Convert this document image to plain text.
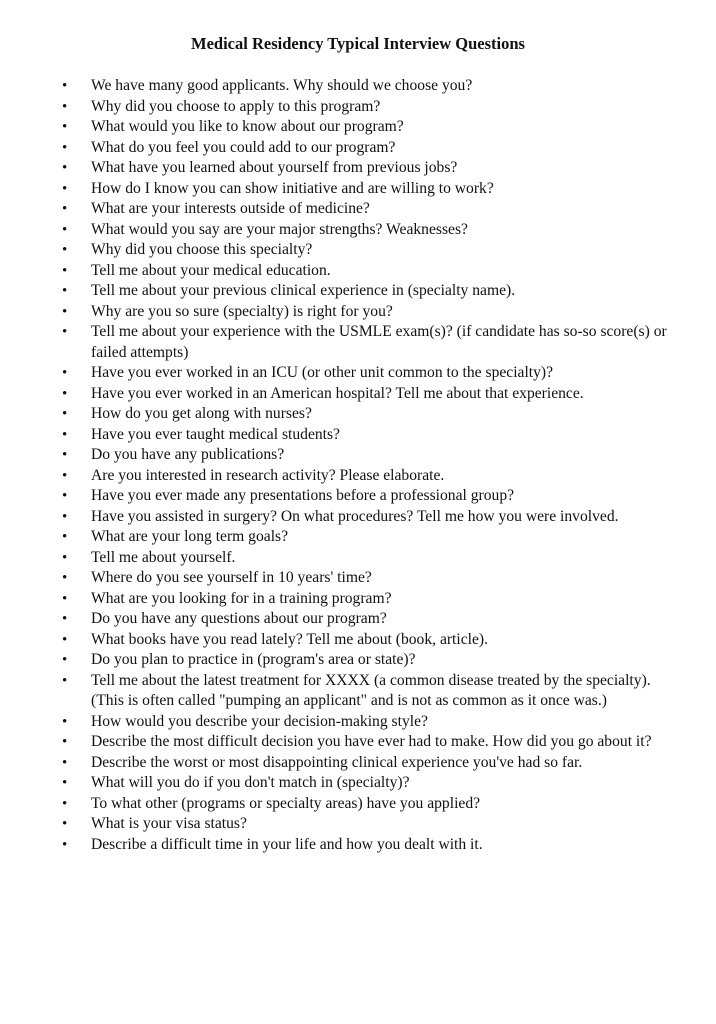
Medical Residency Typical Interview Questions
• We have many good applicants. Why should we choose you?
• Why did you choose to apply to this program?
• What would you like to know about our program?
• What do you feel you could add to our program?
• What have you learned about yourself from previous jobs?
• How do I know you can show initiative and are willing to work?
• What are your interests outside of medicine?
• What would you say are your major strengths? Weaknesses?
• Why did you choose this specialty?
• Tell me about your medical education.
• Tell me about your previous clinical experience in (specialty name).
• Why are you so sure (specialty) is right for you?
• Tell me about your experience with the USMLE exam(s)? (if candidate has so-so score(s) or failed attempts)
• Have you ever worked in an ICU (or other unit common to the specialty)?
• Have you ever worked in an American hospital? Tell me about that experience.
• How do you get along with nurses?
• Have you ever taught medical students?
• Do you have any publications?
• Are you interested in research activity? Please elaborate.
• Have you ever made any presentations before a professional group?
• Have you assisted in surgery? On what procedures? Tell me how you were involved.
• What are your long term goals?
• Tell me about yourself.
• Where do you see yourself in 10 years' time?
• What are you looking for in a training program?
• Do you have any questions about our program?
• What books have you read lately? Tell me about (book, article).
• Do you plan to practice in (program's area or state)?
• Tell me about the latest treatment for XXXX (a common disease treated by the specialty). (This is often called "pumping an applicant" and is not as common as it once was.)
• How would you describe your decision-making style?
• Describe the most difficult decision you have ever had to make. How did you go about it?
• Describe the worst or most disappointing clinical experience you've had so far.
• What will you do if you don't match in (specialty)?
• To what other (programs or specialty areas) have you applied?
• What is your visa status?
• Describe a difficult time in your life and how you dealt with it.
